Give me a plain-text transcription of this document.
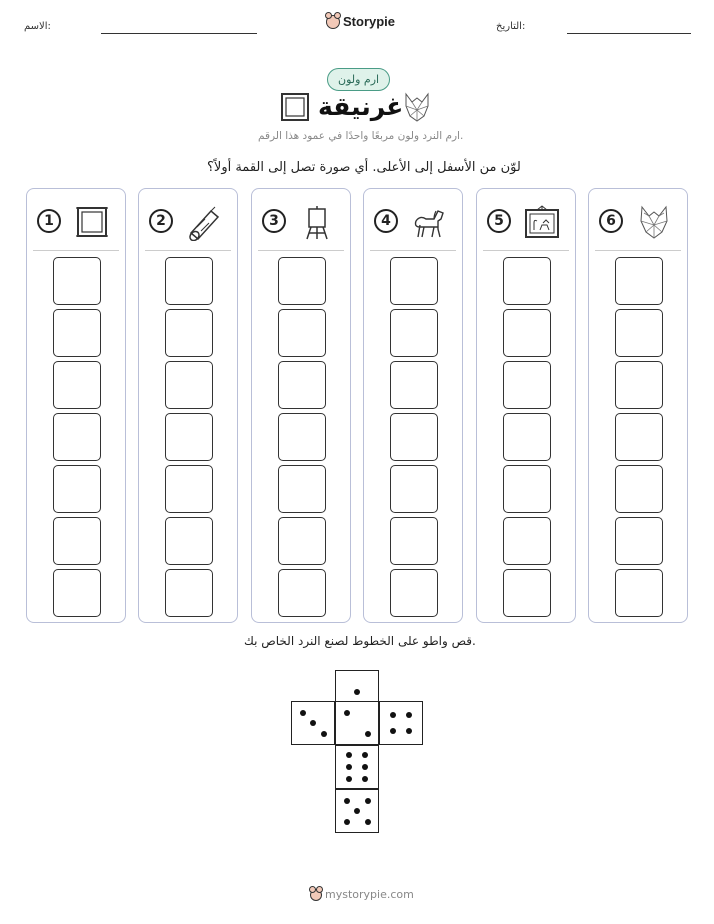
الاسم:	Storypie	التاريخ:
ارم ولون
غرنيقة
ارم النرد ولون مربعًا واحدًا في عمود هذا الرقم.
لوّن من الأسفل إلى الأعلى. أي صورة تصل إلى القمة أولاً؟
1	2	3	4	5	6
قص واطو على الخطوط لصنع النرد الخاص بك.
mystorypie.com
